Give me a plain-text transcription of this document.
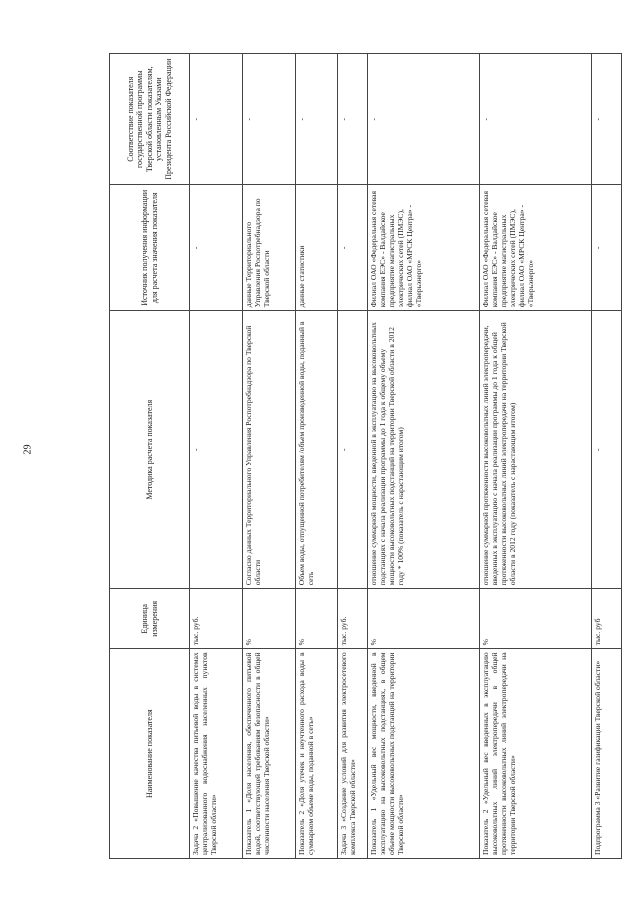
29
Наименование показателя	Единица измерения	Методика расчета показателя	Источник получения информации для расчета значения показателя	Соответствие показателя государственной программы Тверской области показателям, установленным Указами Президента Российской Федерации
Задача 2 «Повышение качества питьевой воды в системах централизованного водоснабжения населенных пунктов Тверской области»	тыс. руб.	-	-	-
Показатель 1 «Доля населения, обеспеченного питьевой водой, соответствующей требованиям безопасности в общей численности населения Тверской области»	%	Согласно данных Территориального Управления Роспотребнадзора по Тверской области	данные Территориального Управления Роспотребнадзора по Тверской области	-
Показатель 2 «Доля утечек и неучтенного расхода воды в суммарном объеме воды, поданной в сеть»	%	Объем воды, отпущенной потребителям /объем произведенной воды, поданный в сеть	данные статистики	-
Задача 3 «Создание условий для развития электросетевого комплекса Тверской области»	тыс. руб.	-	-	-
Показатель 1 «Удельный вес мощности, введенной в эксплуатацию на высоковольтных подстанциях, в общем объеме мощности высоковольтных подстанций на территории Тверской области»	%	отношение суммарной мощности, введенной в эксплуатацию на высоковольтных подстанциях с начала реализации программы до 1 года к общему объему мощности высоковольтных подстанций на территории Тверской области в 2012 году * 100% (показатель с нарастающим итогом)	Филиал ОАО «Федеральная сетевая компания ЕЭС» - Валдайское предприятие магистральных электрических сетей (ПМЭС), филиал ОАО «МРСК Центра» - «Тверьэнерго»	-
Показатель 2 «Удельный вес введенных в эксплуатацию высоковольтных линий электропередачи в общей протяженности высоковольтных линий электропередачи на территории Тверской области»	%	отношение суммарной протяженности высоковольтных линий электропередачи, введенных в эксплуатацию с начала реализации программы до 1 года к общей протяженности высоковольтных линий электропередачи на территории Тверской области в 2012 году (показатель с нарастающим итогом)	Филиал ОАО «Федеральная сетевая компания ЕЭС» - Валдайское предприятие магистральных электрических сетей (ПМЭС), филиал ОАО «МРСК Центра» - «Тверьэнерго»	-
Подпрограмма 3 «Развитие газификации Тверской области»	тыс. руб	-	-	-
